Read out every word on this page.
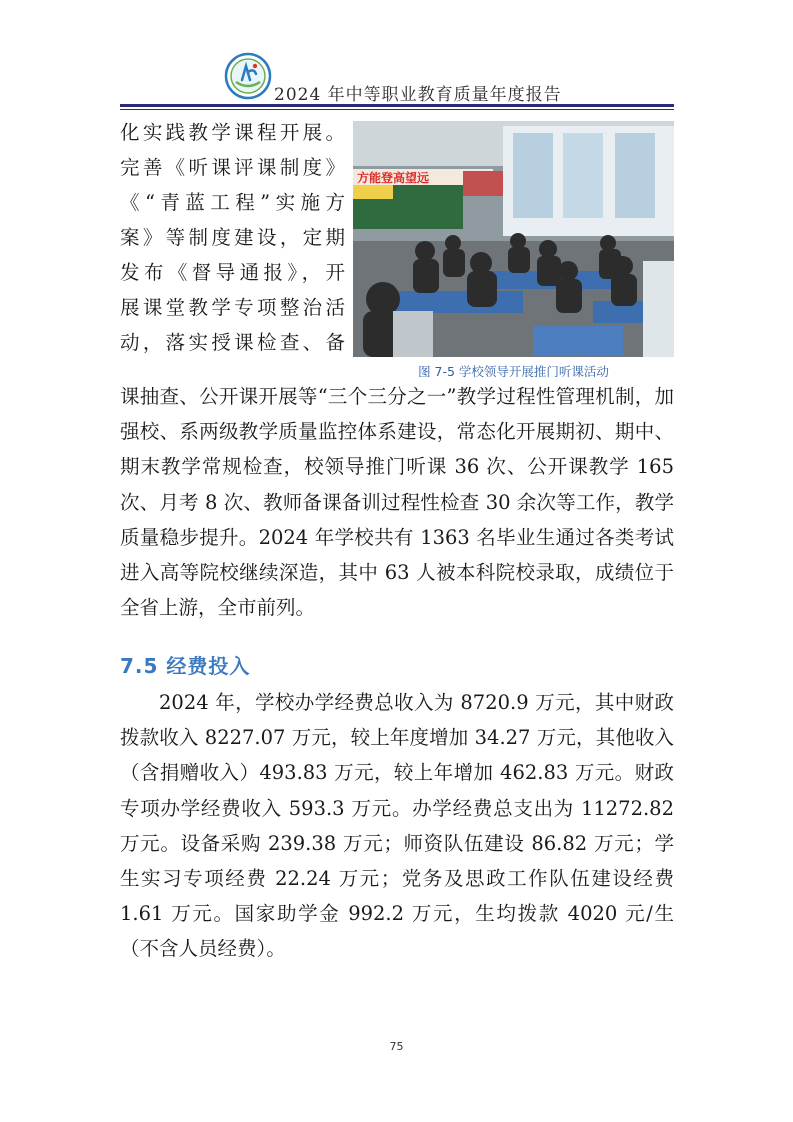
2024 年中等职业教育质量年度报告

化实践教学课程开展。

完善《听课评课制度》

《“青蓝工程”实施方

案》等制度建设，定期

发布《督导通报》，开

展课堂教学专项整治活

动，落实授课检查、备

方能登高望远
图 7-5 学校领导开展推门听课活动

课抽查、公开课开展等“三个三分之一”教学过程性管理机制，加强校、系两级教学质量监控体系建设，常态化开展期初、期中、期末教学常规检查，校领导推门听课 36 次、公开课教学 165 次、月考 8 次、教师备课备训过程性检查 30 余次等工作，教学质量稳步提升。2024 年学校共有 1363 名毕业生通过各类考试进入高等院校继续深造，其中 63 人被本科院校录取，成绩位于全省上游，全市前列。

7.5 经费投入

2024 年，学校办学经费总收入为 8720.9 万元，其中财政拨款收入 8227.07 万元，较上年度增加 34.27 万元，其他收入（含捐赠收入）493.83 万元，较上年增加 462.83 万元。财政专项办学经费收入 593.3 万元。办学经费总支出为 11272.82 万元。设备采购 239.38 万元；师资队伍建设 86.82 万元；学生实习专项经费 22.24 万元；党务及思政工作队伍建设经费 1.61 万元。国家助学金 992.2 万元，生均拨款 4020 元/生（不含人员经费）。

75
